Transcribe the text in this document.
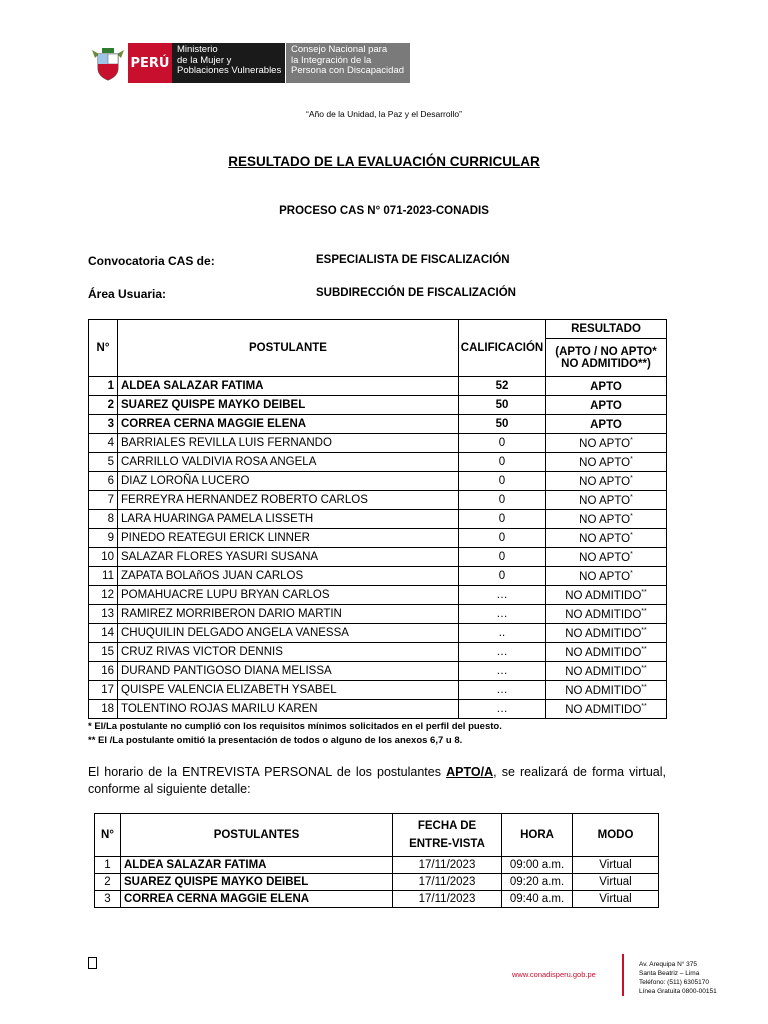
PERÚ
Ministerio
de la Mujer y
Poblaciones Vulnerables
Consejo Nacional para
la Integración de la
Persona con Discapacidad
“Año de la Unidad, la Paz y el Desarrollo”
RESULTADO DE LA EVALUACIÓN CURRICULAR
PROCESO CAS N° 071-2023-CONADIS
Convocatoria CAS de:	ESPECIALISTA DE FISCALIZACIÓN
Área Usuaria:	SUBDIRECCIÓN DE FISCALIZACIÓN
N°	POSTULANTE	CALIFICACIÓN	RESULTADO
			(APTO / NO APTO* NO ADMITIDO**)
1	ALDEA SALAZAR FATIMA	52	APTO
2	SUAREZ QUISPE MAYKO DEIBEL	50	APTO
3	CORREA CERNA MAGGIE ELENA	50	APTO
4	BARRIALES REVILLA LUIS FERNANDO	0	NO APTO*
5	CARRILLO VALDIVIA ROSA ANGELA	0	NO APTO*
6	DIAZ LOROÑA LUCERO	0	NO APTO*
7	FERREYRA HERNANDEZ ROBERTO CARLOS	0	NO APTO*
8	LARA HUARINGA PAMELA LISSETH	0	NO APTO*
9	PINEDO REATEGUI ERICK LINNER	0	NO APTO*
10	SALAZAR FLORES YASURI SUSANA	0	NO APTO*
11	ZAPATA BOLAñOS JUAN CARLOS	0	NO APTO*
12	POMAHUACRE LUPU BRYAN CARLOS	…	NO ADMITIDO**
13	RAMIREZ MORRIBERON DARIO MARTIN	…	NO ADMITIDO**
14	CHUQUILIN DELGADO ANGELA VANESSA	..	NO ADMITIDO**
15	CRUZ RIVAS VICTOR DENNIS	…	NO ADMITIDO**
16	DURAND PANTIGOSO DIANA MELISSA	…	NO ADMITIDO**
17	QUISPE VALENCIA ELIZABETH YSABEL	…	NO ADMITIDO**
18	TOLENTINO ROJAS MARILU KAREN	…	NO ADMITIDO**
* El/La postulante no cumplió con los requisitos mínimos solicitados en el perfil del puesto.
** El /La postulante omitió la presentación de todos o alguno de los anexos 6,7 u 8.
El horario de la ENTREVISTA PERSONAL de los postulantes APTO/A, se realizará de forma virtual, conforme al siguiente detalle:
N°	POSTULANTES	FECHA DE ENTRE-VISTA	HORA	MODO
1	ALDEA SALAZAR FATIMA	17/11/2023	09:00 a.m.	Virtual
2	SUAREZ QUISPE MAYKO DEIBEL	17/11/2023	09:20 a.m.	Virtual
3	CORREA CERNA MAGGIE ELENA	17/11/2023	09:40 a.m.	Virtual
www.conadisperu.gob.pe
Av. Arequipa N° 375
Santa Beatriz – Lima
Teléfono: (511) 6305170
Línea Gratuita 0800-00151
